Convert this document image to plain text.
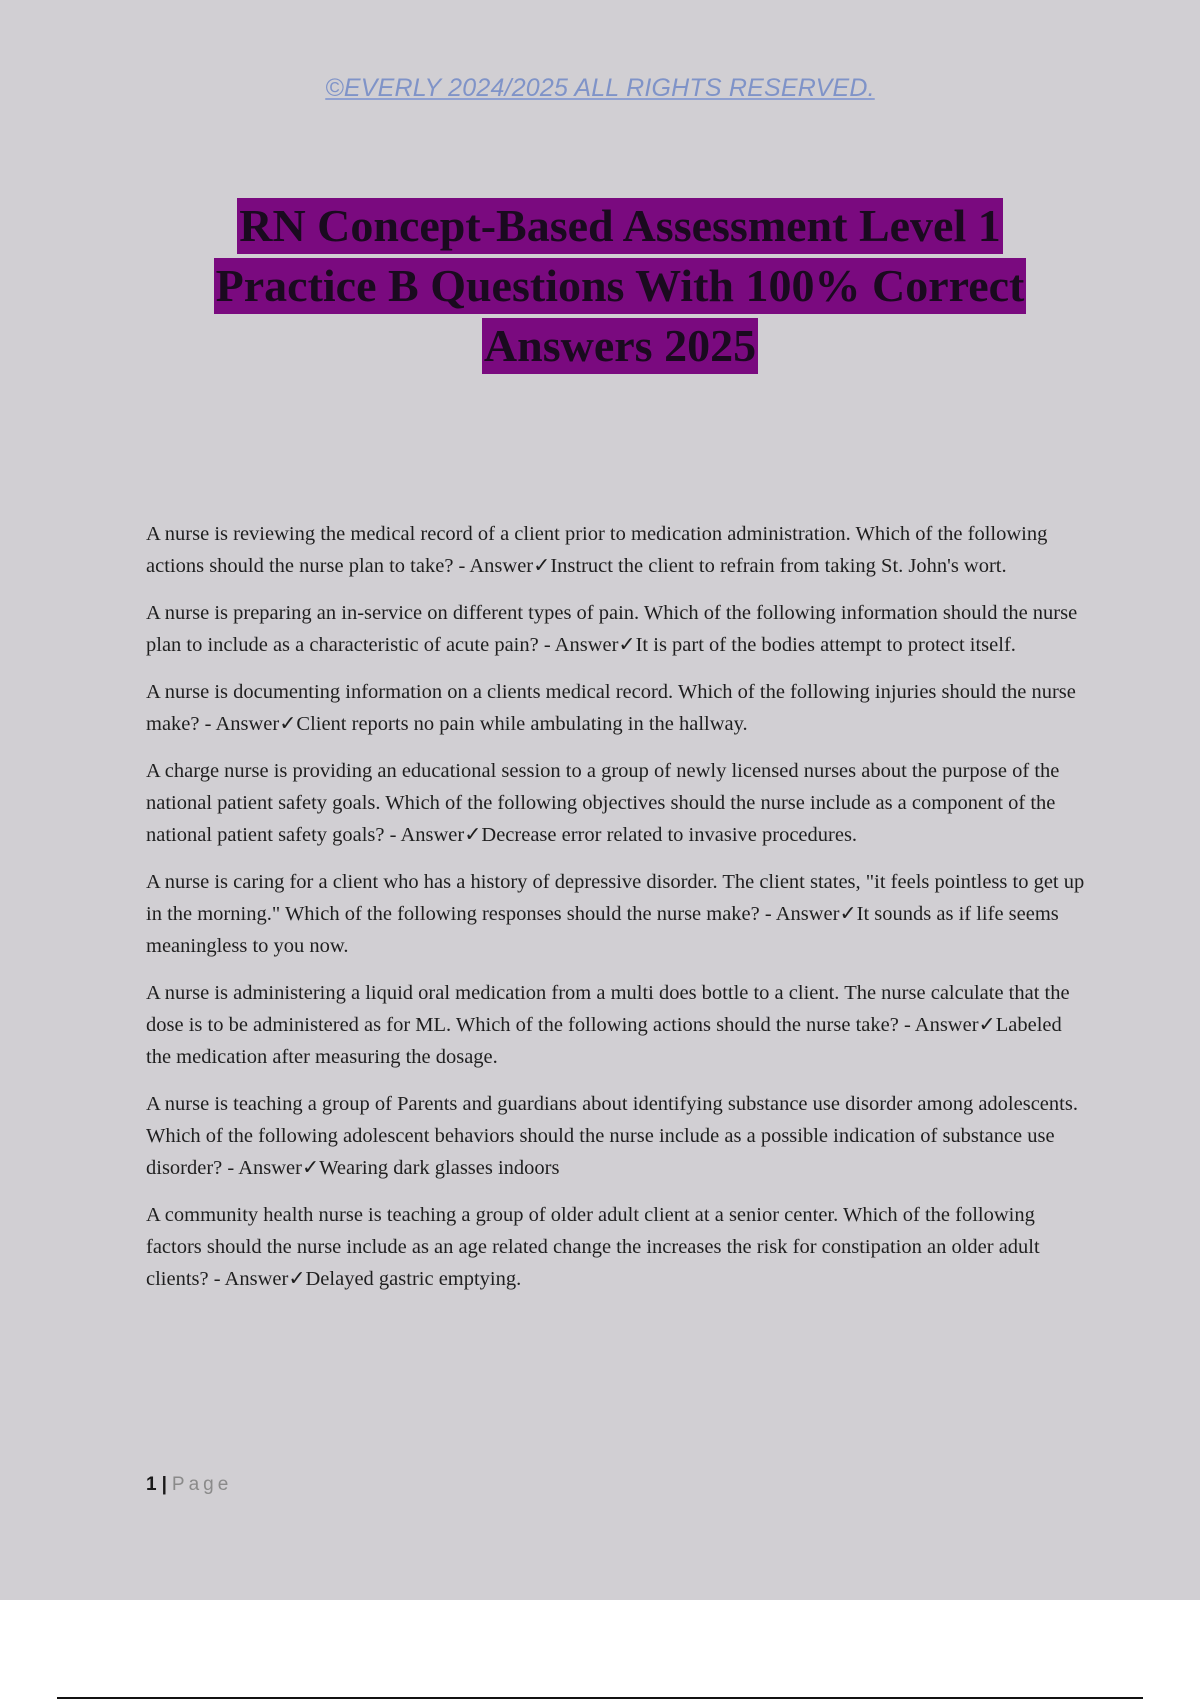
©EVERLY 2024/2025 ALL RIGHTS RESERVED.
RN Concept-Based Assessment Level 1
Practice B Questions With 100% Correct
Answers 2025

A nurse is reviewing the medical record of a client prior to medication administration. Which of the following actions should the nurse plan to take? - Answer✓Instruct the client to refrain from taking St. John's wort.

A nurse is preparing an in-service on different types of pain. Which of the following information should the nurse plan to include as a characteristic of acute pain? - Answer✓It is part of the bodies attempt to protect itself.

A nurse is documenting information on a clients medical record. Which of the following injuries should the nurse make? - Answer✓Client reports no pain while ambulating in the hallway.

A charge nurse is providing an educational session to a group of newly licensed nurses about the purpose of the national patient safety goals. Which of the following objectives should the nurse include as a component of the national patient safety goals? - Answer✓Decrease error related to invasive procedures.

A nurse is caring for a client who has a history of depressive disorder. The client states, "it feels pointless to get up in the morning." Which of the following responses should the nurse make? - Answer✓It sounds as if life seems meaningless to you now.

A nurse is administering a liquid oral medication from a multi does bottle to a client. The nurse calculate that the dose is to be administered as for ML. Which of the following actions should the nurse take? - Answer✓Labeled the medication after measuring the dosage.

A nurse is teaching a group of Parents and guardians about identifying substance use disorder among adolescents. Which of the following adolescent behaviors should the nurse include as a possible indication of substance use disorder? - Answer✓Wearing dark glasses indoors

A community health nurse is teaching a group of older adult client at a senior center. Which of the following factors should the nurse include as an age related change the increases the risk for constipation an older adult clients? - Answer✓Delayed gastric emptying.

1 | Page
